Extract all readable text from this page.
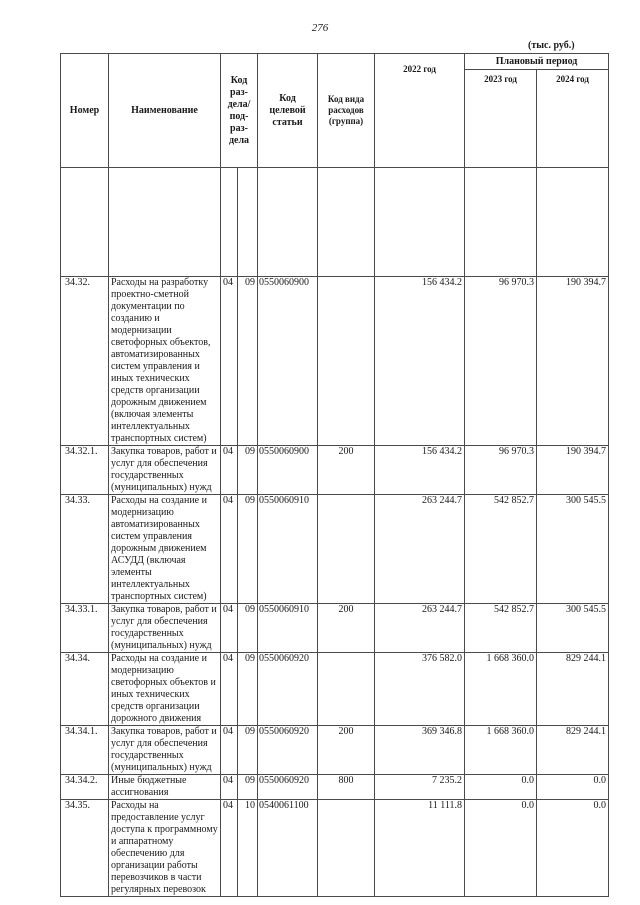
276
(тыс. руб.)
Номер	Наименование	Код раз-дела/ под-раз-дела		Код целевой статьи	Код вида расходов (группа)	2022 год	Плановый период	
							2023 год	2024 год

34.32.	Расходы на разработку проектно-сметной документации по созданию и модернизации светофорных объектов, автоматизированных систем управления и иных технических средств организации дорожным движением (включая элементы интеллектуальных транспортных систем)	04	09	0550060900		156 434.2	96 970.3	190 394.7
34.32.1.	Закупка товаров, работ и услуг для обеспечения государственных (муниципальных) нужд	04	09	0550060900	200	156 434.2	96 970.3	190 394.7
34.33.	Расходы на создание и модернизацию автоматизированных систем управления дорожным движением АСУДД (включая элементы интеллектуальных транспортных систем)	04	09	0550060910		263 244.7	542 852.7	300 545.5
34.33.1.	Закупка товаров, работ и услуг для обеспечения государственных (муниципальных) нужд	04	09	0550060910	200	263 244.7	542 852.7	300 545.5
34.34.	Расходы на создание и модернизацию светофорных объектов и иных технических средств организации дорожного движения	04	09	0550060920		376 582.0	1 668 360.0	829 244.1
34.34.1.	Закупка товаров, работ и услуг для обеспечения государственных (муниципальных) нужд	04	09	0550060920	200	369 346.8	1 668 360.0	829 244.1
34.34.2.	Иные бюджетные ассигнования	04	09	0550060920	800	7 235.2	0.0	0.0
34.35.	Расходы на предоставление услуг доступа к программному и аппаратному обеспечению для организации работы перевозчиков в части регулярных перевозок	04	10	0540061100		11 111.8	0.0	0.0
